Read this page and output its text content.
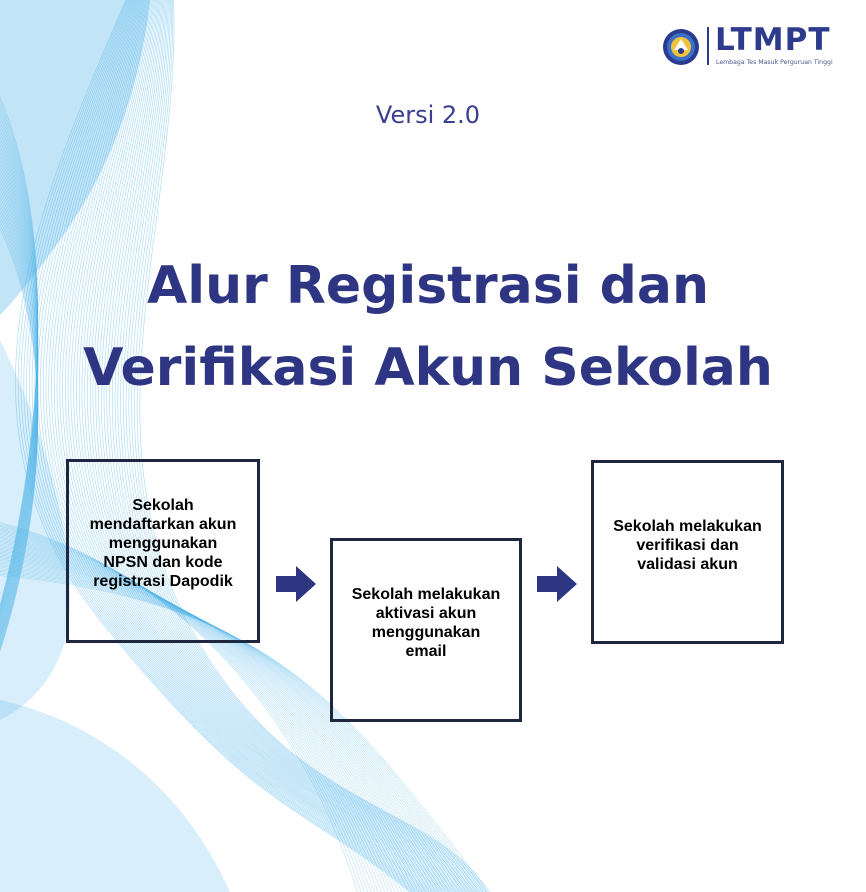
LTMPT
Lembaga Tes Masuk Perguruan Tinggi
Versi 2.0
Alur Registrasi dan
Verifikasi Akun Sekolah
Sekolah
mendaftarkan akun
menggunakan
NPSN dan kode
registrasi Dapodik
Sekolah melakukan
aktivasi akun
menggunakan
email
Sekolah melakukan
verifikasi dan
validasi akun
